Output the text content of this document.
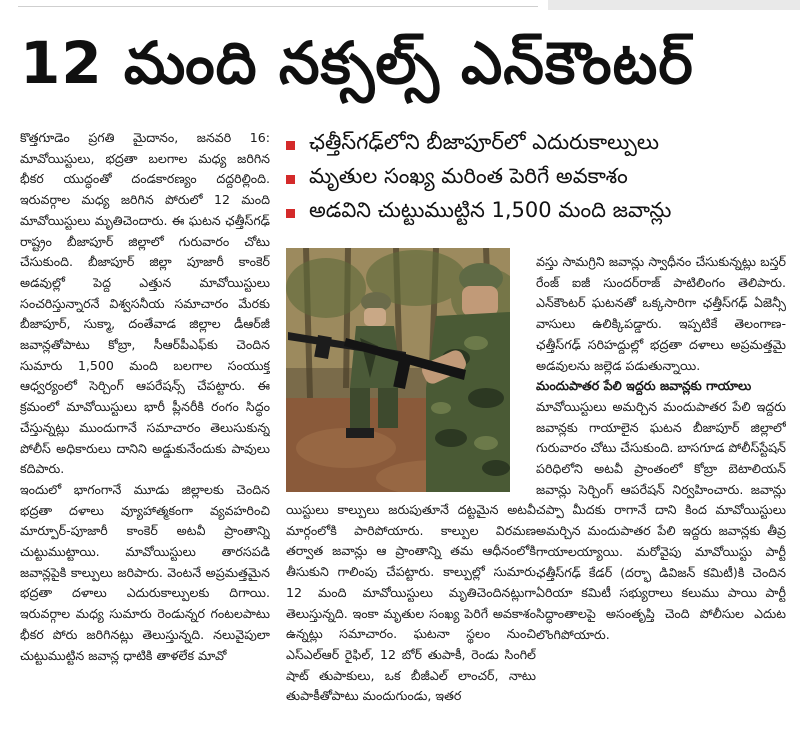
12 మంది నక్సల్స్ ఎన్‌కౌంటర్

కొత్తగూడెం ప్రగతి మైదానం, జనవరి 16: మావోయిస్టులు, భద్రతా బలగాల మధ్య జరిగిన భీకర యుద్ధంతో దండకారణ్యం దద్దరిల్లింది. ఇరువర్గాల మధ్య జరిగిన పోరులో 12 మంది మావోయిస్టులు మృతిచెందారు. ఈ ఘటన ఛత్తీస్‌గఢ్ రాష్ట్రం బీజాపూర్ జిల్లాలో గురువారం చోటు చేసుకుంది. బీజాపూర్ జిల్లా పూజారీ కాంకెర్ అడవుల్లో పెద్ద ఎత్తున మావోయిస్టులు సంచరిస్తున్నారనే విశ్వసనీయ సమాచారం మేరకు బీజాపూర్, సుక్మా, దంతేవాడ జిల్లాల డీఆర్‌జీ జవాన్లతోపాటు కోబ్రా, సీఆర్‌పీఎఫ్‌కు చెందిన సుమారు 1,500 మంది బలగాల సంయుక్త ఆధ్వర్యంలో సెర్చింగ్ ఆపరేషన్స్ చేపట్టారు. ఈ క్రమంలో మావోయిస్టులు భారీ ప్లీనరీకి రంగం సిద్ధం చేస్తున్నట్లు ముందుగానే సమాచారం తెలుసుకున్న పోలీస్ అధికారులు దానిని అడ్డుకునేందుకు పావులు కదిపారు.

ఇందులో భాగంగానే మూడు జిల్లాలకు చెందిన భద్రతా దళాలు వ్యూహాత్మకంగా వ్యవహరించి మార్పూర్-పూజారీ కాంకెర్ అటవీ ప్రాంతాన్ని చుట్టుముట్టాయి. మావోయిస్టులు తారసపడి జవాన్లపైకి కాల్పులు జరిపారు. వెంటనే అప్రమత్తమైన భద్రతా దళాలు ఎదురుకాల్పులకు దిగాయి. ఇరువర్గాల మధ్య సుమారు రెండున్నర గంటలపాటు భీకర పోరు జరిగినట్లు తెలుస్తున్నది. నలువైపులా చుట్టుముట్టిన జవాన్ల ధాటికి తాళలేక మావో

ఛత్తీస్‌గఢ్‌లోని బీజాపూర్‌లో ఎదురుకాల్పులు
మృతుల సంఖ్య మరింత పెరిగే అవకాశం
అడవిని చుట్టుముట్టిన 1,500 మంది జవాన్లు

యిస్టులు కాల్పులు జరుపుతూనే దట్టమైన అటవీ మార్గంలోకి పారిపోయారు. కాల్పుల విరమణ తర్వాత జవాన్లు ఆ ప్రాంతాన్ని తమ ఆధీనంలోకి తీసుకుని గాలింపు చేపట్టారు. కాల్పుల్లో సుమారు 12 మంది మావోయిస్టులు మృతిచెందినట్లుగా తెలుస్తున్నది. ఇంకా మృతుల సంఖ్య పెరిగే అవకాశం ఉన్నట్లు సమాచారం. ఘటనా స్థలం నుంచి ఎస్‌ఎల్‌ఆర్ రైఫిల్, 12 బోర్ తుపాకీ, రెండు సింగిల్ షాట్ తుపాకులు, ఒక బీజీఎల్ లాంచర్, నాటు తుపాకీతోపాటు మందుగుండు, ఇతర

వస్తు సామగ్రిని జవాన్లు స్వాధీనం చేసుకున్నట్లు బస్తర్ రేంజ్ ఐజీ సుందర్‌రాజ్ పాటిలింగం తెలిపారు. ఎన్‌కౌంటర్ ఘటనతో ఒక్కసారిగా ఛత్తీస్‌గఢ్ ఏజెన్సీ వాసులు ఉలిక్కిపడ్డారు. ఇప్పటికే తెలంగాణ-ఛత్తీస్‌గఢ్ సరిహద్దుల్లో భద్రతా దళాలు అప్రమత్తమై అడవులను జల్లెడ పడుతున్నాయి.

మందుపాతర పేలి ఇద్దరు జవాన్లకు గాయాలు

మావోయిస్టులు అమర్చిన మందుపాతర పేలి ఇద్దరు జవాన్లకు గాయాలైన ఘటన బీజాపూర్ జిల్లాలో గురువారం చోటు చేసుకుంది. బాసగూడ పోలీస్‌స్టేషన్ పరిధిలోని అటవీ ప్రాంతంలో కోబ్రా బెటాలియన్ జవాన్లు సెర్చింగ్ ఆపరేషన్ నిర్వహించారు. జవాన్లు చప్పా మీదకు రాగానే దాని కింద మావోయిస్టులు అమర్చిన మందుపాతర పేలి ఇద్దరు జవాన్లకు తీవ్ర గాయాలయ్యాయి. మరోవైపు మావోయిస్టు పార్టీ ఛత్తీస్‌గఢ్ కేడర్ (దర్భా డివిజన్ కమిటీ)కి చెందిన ఏరియా కమిటీ సభ్యురాలు కలుము పాయి పార్టీ సిద్ధాంతాలపై అసంతృప్తి చెంది పోలీసుల ఎదుట లొంగిపోయారు.
